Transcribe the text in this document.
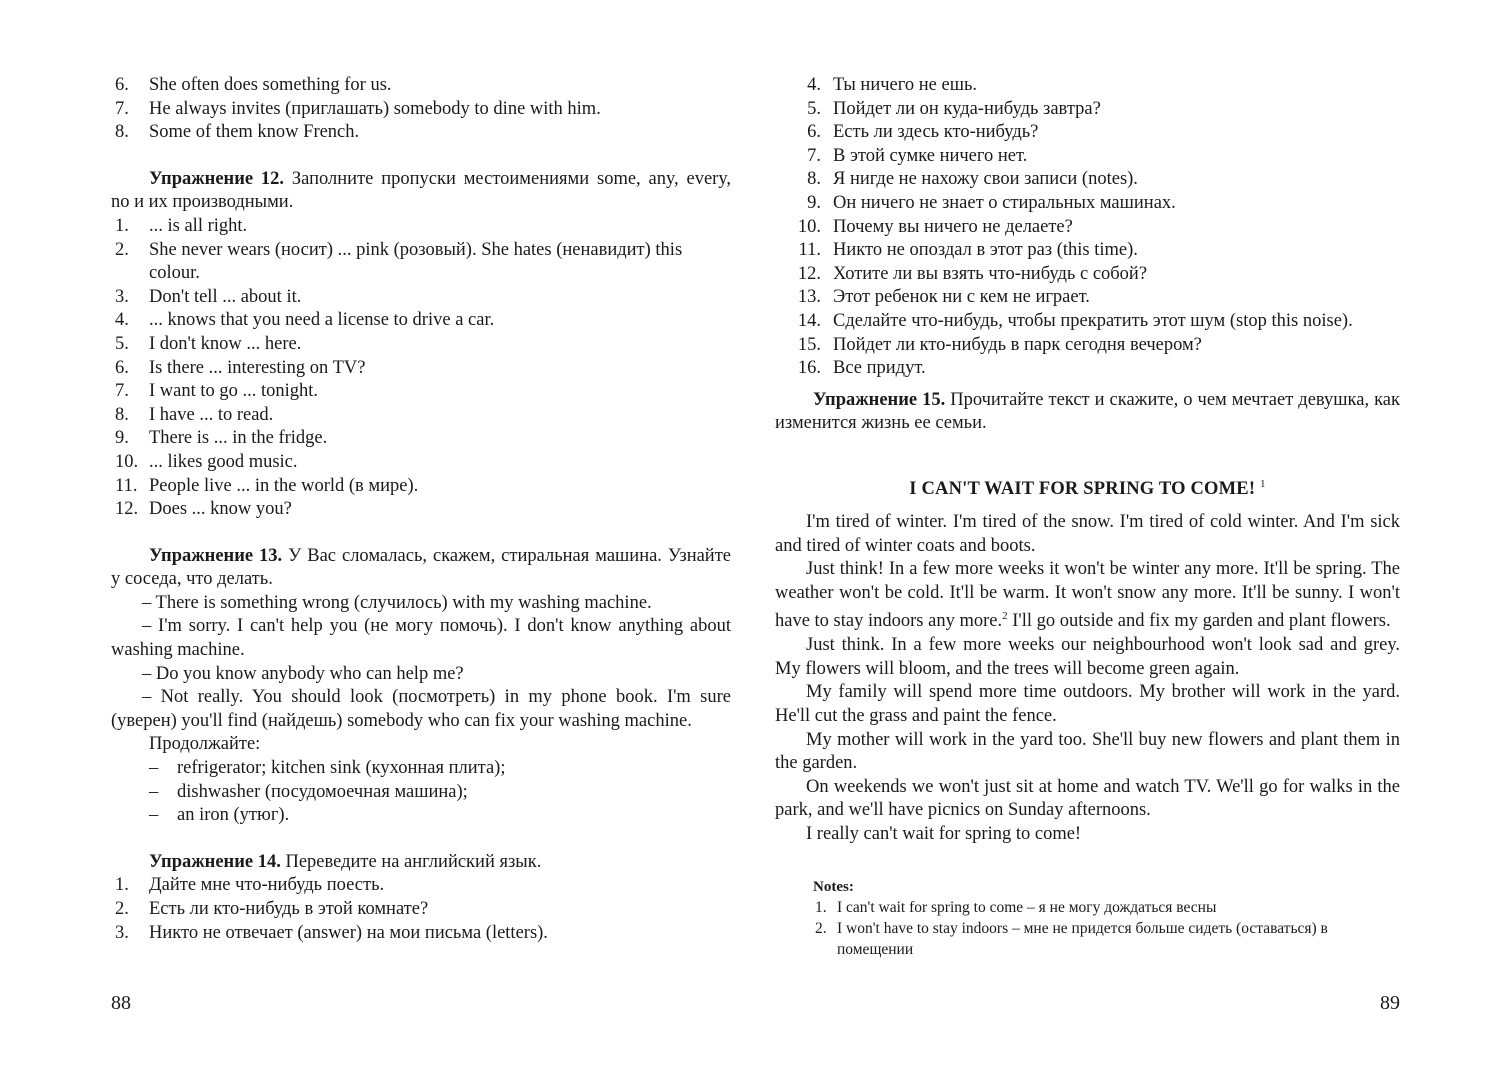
6. She often does something for us.
7. He always invites (приглашать) somebody to dine with him.
8. Some of them know French.
Упражнение 12. Заполните пропуски местоимениями some, any, every, no и их производными.
1. ... is all right.
2. She never wears (носит) ... pink (розовый). She hates (ненавидит) this colour.
3. Don't tell ... about it.
4. ... knows that you need a license to drive a car.
5. I don't know ... here.
6. Is there ... interesting on TV?
7. I want to go ... tonight.
8. I have ... to read.
9. There is ... in the fridge.
10. ... likes good music.
11. People live ... in the world (в мире).
12. Does ... know you?
Упражнение 13. У Вас сломалась, скажем, стиральная машина. Узнайте у соседа, что делать.
– There is something wrong (случилось) with my washing machine.
– I'm sorry. I can't help you (не могу помочь). I don't know anything about washing machine.
– Do you know anybody who can help me?
– Not really. You should look (посмотреть) in my phone book. I'm sure (уверен) you'll find (найдешь) somebody who can fix your washing machine.
Продолжайте:
– refrigerator; kitchen sink (кухонная плита);
– dishwasher (посудомоечная машина);
– an iron (утюг).
Упражнение 14. Переведите на английский язык.
1. Дайте мне что-нибудь поесть.
2. Есть ли кто-нибудь в этой комнате?
3. Никто не отвечает (answer) на мои письма (letters).
88
4. Ты ничего не ешь.
5. Пойдет ли он куда-нибудь завтра?
6. Есть ли здесь кто-нибудь?
7. В этой сумке ничего нет.
8. Я нигде не нахожу свои записи (notes).
9. Он ничего не знает о стиральных машинах.
10. Почему вы ничего не делаете?
11. Никто не опоздал в этот раз (this time).
12. Хотите ли вы взять что-нибудь с собой?
13. Этот ребенок ни с кем не играет.
14. Сделайте что-нибудь, чтобы прекратить этот шум (stop this noise).
15. Пойдет ли кто-нибудь в парк сегодня вечером?
16. Все придут.
Упражнение 15. Прочитайте текст и скажите, о чем мечтает девушка, как изменится жизнь ее семьи.
I CAN'T WAIT FOR SPRING TO COME! $^1$
I'm tired of winter. I'm tired of the snow. I'm tired of cold winter. And I'm sick and tired of winter coats and boots.
Just think! In a few more weeks it won't be winter any more. It'll be spring. The weather won't be cold. It'll be warm. It won't snow any more. It'll be sunny. I won't have to stay indoors any more.$^2$ I'll go outside and fix my garden and plant flowers.
Just think. In a few more weeks our neighbourhood won't look sad and grey. My flowers will bloom, and the trees will become green again.
My family will spend more time outdoors. My brother will work in the yard. He'll cut the grass and paint the fence.
My mother will work in the yard too. She'll buy new flowers and plant them in the garden.
On weekends we won't just sit at home and watch TV. We'll go for walks in the park, and we'll have picnics on Sunday afternoons.
I really can't wait for spring to come!
Notes:
1. I can't wait for spring to come – я не могу дождаться весны
2. I won't have to stay indoors – мне не придется больше сидеть (оставаться) в помещении
89
